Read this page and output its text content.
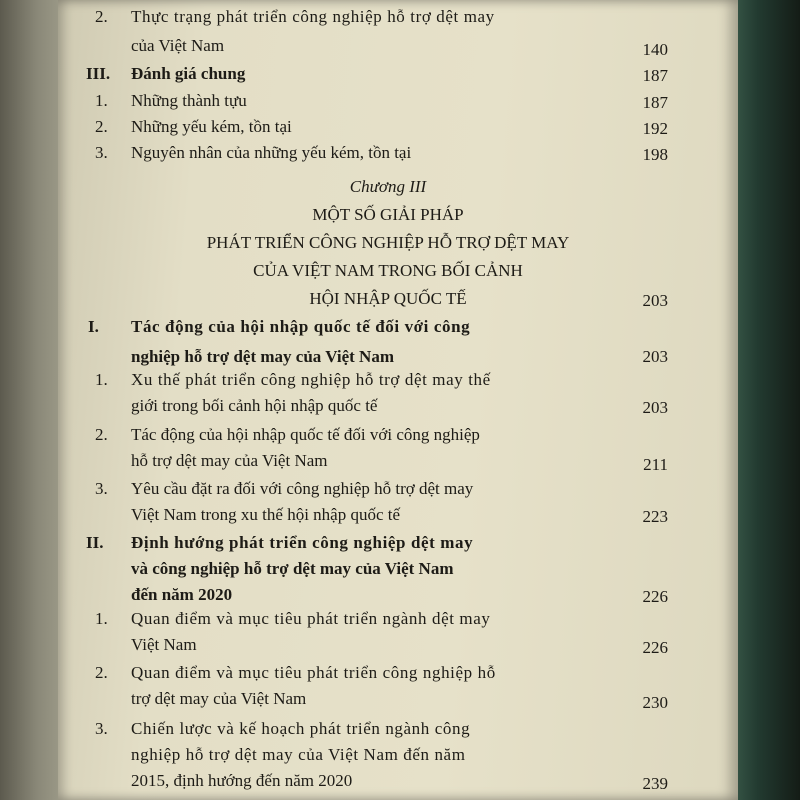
2. Thực trạng phát triển công nghiệp hỗ trợ dệt may
của Việt Nam	140
III. Đánh giá chung	187
1. Những thành tựu	187
2. Những yếu kém, tồn tại	192
3. Nguyên nhân của những yếu kém, tồn tại	198
Chương III
MỘT SỐ GIẢI PHÁP
PHÁT TRIỂN CÔNG NGHIỆP HỖ TRỢ DỆT MAY
CỦA VIỆT NAM TRONG BỐI CẢNH
HỘI NHẬP QUỐC TẾ	203
I. Tác động của hội nhập quốc tế đối với công
nghiệp hỗ trợ dệt may của Việt Nam	203
1. Xu thế phát triển công nghiệp hỗ trợ dệt may thế
giới trong bối cảnh hội nhập quốc tế	203
2. Tác động của hội nhập quốc tế đối với công nghiệp
hỗ trợ dệt may của Việt Nam	211
3. Yêu cầu đặt ra đối với công nghiệp hỗ trợ dệt may
Việt Nam trong xu thế hội nhập quốc tế	223
II. Định hướng phát triển công nghiệp dệt may
và công nghiệp hỗ trợ dệt may của Việt Nam
đến năm 2020	226
1. Quan điểm và mục tiêu phát triển ngành dệt may
Việt Nam	226
2. Quan điểm và mục tiêu phát triển công nghiệp hỗ
trợ dệt may của Việt Nam	230
3. Chiến lược và kế hoạch phát triển ngành công
nghiệp hỗ trợ dệt may của Việt Nam đến năm
2015, định hướng đến năm 2020	239
